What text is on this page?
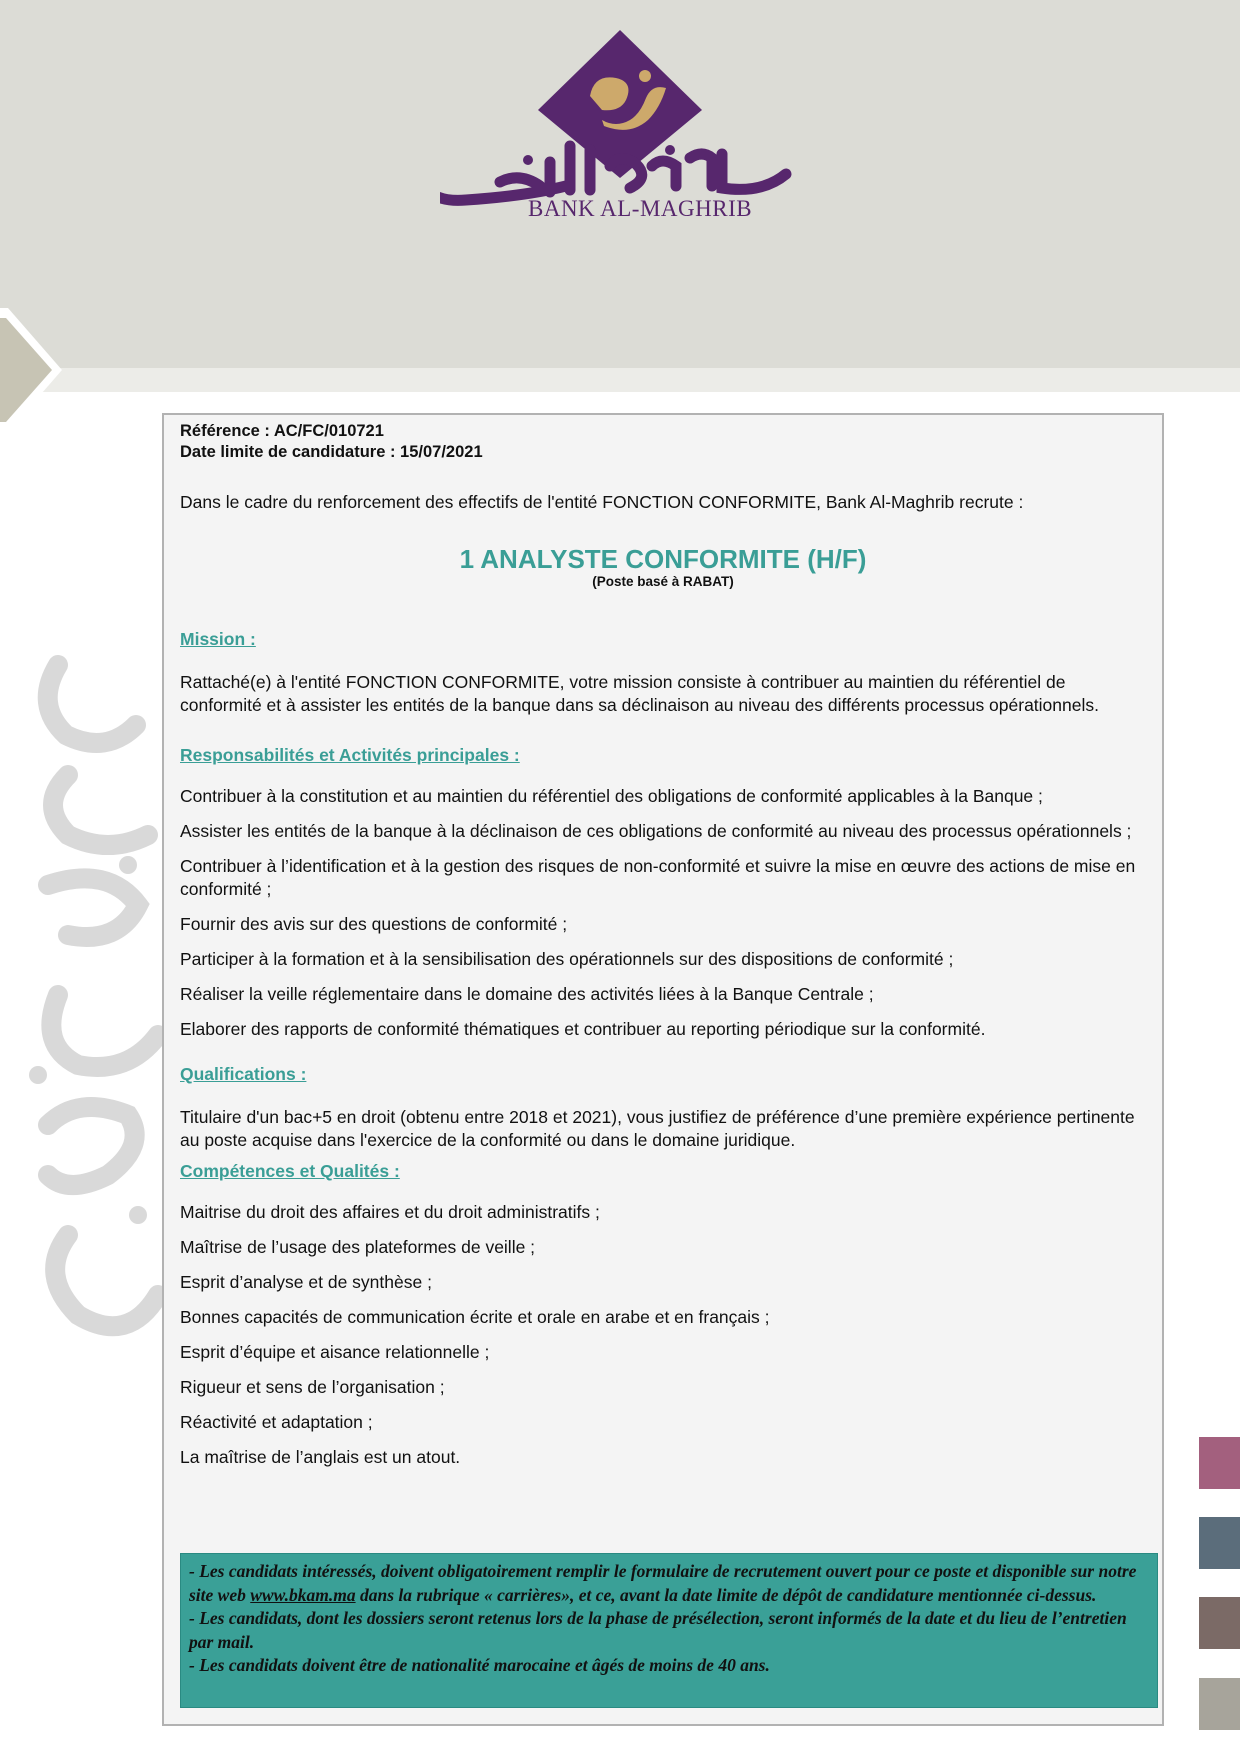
BANK AL-MAGHRIB
Référence : AC/FC/010721
Date limite de candidature : 15/07/2021

Dans le cadre du renforcement des effectifs de l'entité FONCTION CONFORMITE, Bank Al-Maghrib recrute :

1 ANALYSTE CONFORMITE (H/F)
(Poste basé à RABAT)
Mission :

Rattaché(e) à l'entité FONCTION CONFORMITE, votre mission consiste à contribuer au maintien du référentiel de conformité et à assister les entités de la banque dans sa déclinaison au niveau des différents processus opérationnels.

Responsabilités et Activités principales :

Contribuer à la constitution et au maintien du référentiel des obligations de conformité applicables à la Banque ;

Assister les entités de la banque à la déclinaison de ces obligations de conformité au niveau des processus opérationnels ;

Contribuer à l’identification et à la gestion des risques de non-conformité et suivre la mise en œuvre des actions de mise en conformité ;

Fournir des avis sur des questions de conformité ;

Participer à la formation et à la sensibilisation des opérationnels sur des dispositions de conformité ;

Réaliser la veille réglementaire dans le domaine des activités liées à la Banque Centrale ;

Elaborer des rapports de conformité thématiques et contribuer au reporting périodique sur la conformité.

Qualifications :

Titulaire d'un bac+5 en droit (obtenu entre 2018 et 2021), vous justifiez de préférence d’une première expérience pertinente au poste acquise dans l'exercice de la conformité ou dans le domaine juridique.

Compétences et Qualités :

Maitrise du droit des affaires et du droit administratifs ;

Maîtrise de l’usage des plateformes de veille ;

Esprit d’analyse et de synthèse ;

Bonnes capacités de communication écrite et orale en arabe et en français ;

Esprit d’équipe et aisance relationnelle ;

Rigueur et sens de l’organisation ;

Réactivité et adaptation ;

La maîtrise de l’anglais est un atout.

- Les candidats intéressés, doivent obligatoirement remplir le formulaire de recrutement ouvert pour ce poste et disponible sur notre site web www.bkam.ma dans la rubrique « carrières», et ce, avant la date limite de dépôt de candidature mentionnée ci-dessus.
- Les candidats, dont les dossiers seront retenus lors de la phase de présélection, seront informés de la date et du lieu de l’entretien par mail.
- Les candidats doivent être de nationalité marocaine et âgés de moins de 40 ans.
